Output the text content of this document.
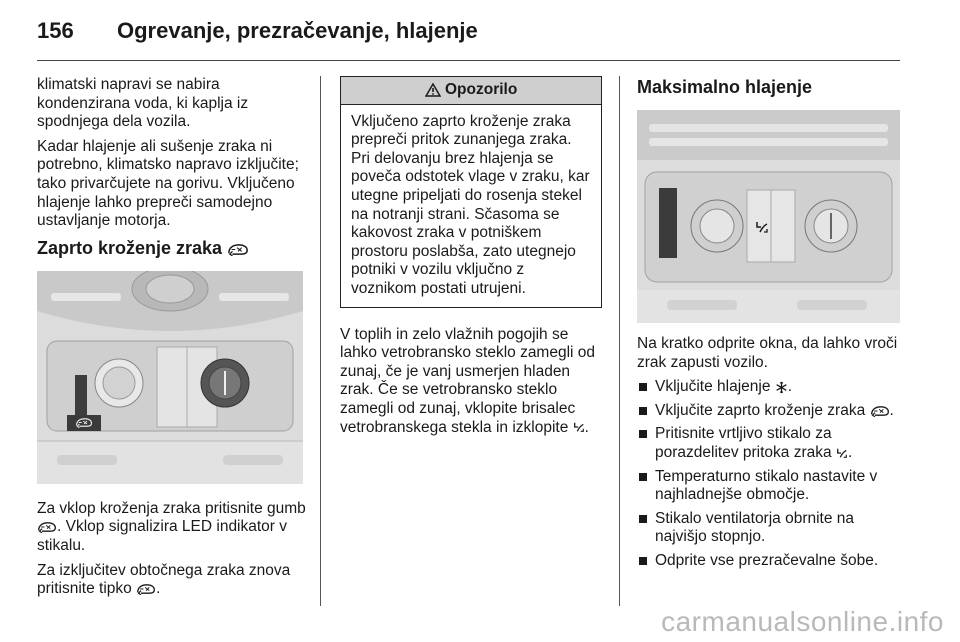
156 Ogrevanje, prezračevanje, hlajenje

klimatski napravi se nabira kondenzirana voda, ki kaplja iz spodnjega dela vozila.

Kadar hlajenje ali sušenje zraka ni potrebno, klimatsko napravo izključite; tako privarčujete na gorivu. Vključeno hlajenje lahko prepreči samodejno ustavljanje motorja.

Zaprto kroženje zraka

Za vklop kroženja zraka pritisnite gumb . Vklop signalizira LED indikator v stikalu.

Za izključitev obtočnega zraka znova pritisnite tipko .

Opozorilo
Vključeno zaprto kroženje zraka prepreči pritok zunanjega zraka. Pri delovanju brez hlajenja se poveča odstotek vlage v zraku, kar utegne pripeljati do rosenja stekel na notranji strani. Sčasoma se kakovost zraka v potniškem prostoru poslabša, zato utegnejo potniki v vozilu vključno z voznikom postati utrujeni.

V toplih in zelo vlažnih pogojih se lahko vetrobransko steklo zamegli od zunaj, če je vanj usmerjen hladen zrak. Če se vetrobransko steklo zamegli od zunaj, vklopite brisalec vetrobranskega stekla in izklopite .

Maksimalno hlajenje

Na kratko odprite okna, da lahko vroči zrak zapusti vozilo.

Vključite hlajenje .
Vključite zaprto kroženje zraka .
Pritisnite vrtljivo stikalo za porazdelitev pritoka zraka .
Temperaturno stikalo nastavite v najhladnejše območje.
Stikalo ventilatorja obrnite na najvišjo stopnjo.
Odprite vse prezračevalne šobe.
carmanualsonline.info
